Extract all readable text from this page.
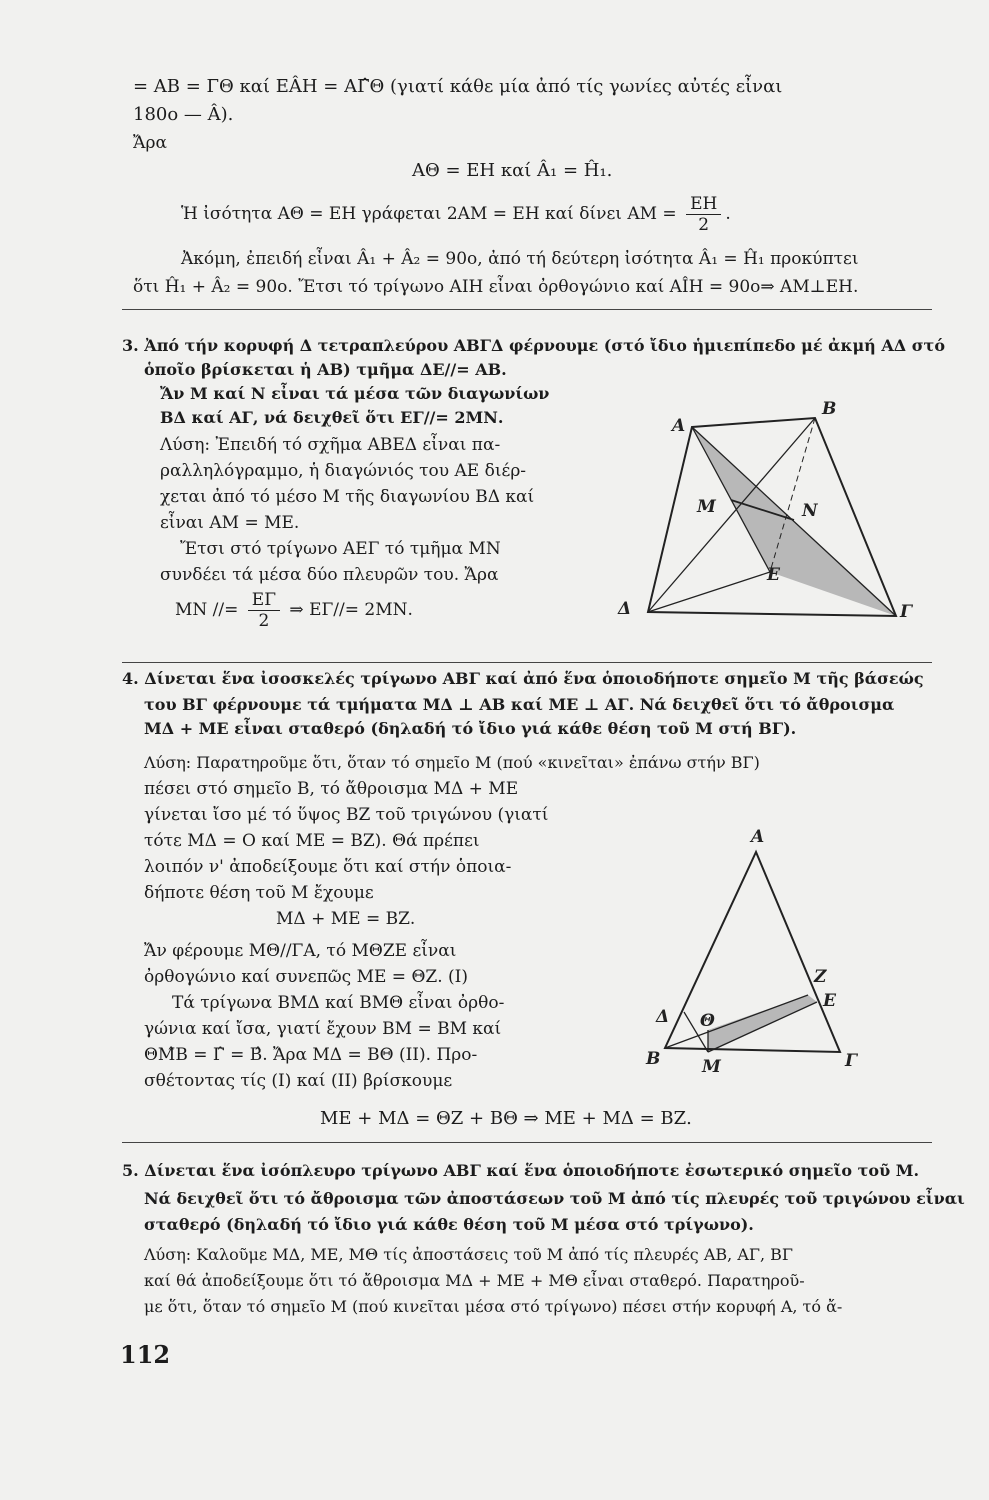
= ΑΒ = ΓΘ καί ΕÂΗ = ΑΓ̂Θ (γιατί κάθε μία ἀπό τίς γωνίες αὐτές εἶναι
180ο — Â).
Ἄρα
ΑΘ = ΕΗ καί Â₁ = Ĥ₁.
Ἡ ἰσότητα ΑΘ = ΕΗ γράφεται 2ΑΜ = ΕΗ καί δίνει $AM = \frac{EH}{2}$ .
Ἀκόμη, ἐπειδή εἶναι Â₁ + Â₂ = 90ο, ἀπό τή δεύτερη ἰσότητα Â₁ = Ĥ₁ προκύπτει
ὅτι Ĥ₁ + Â₂ = 90ο. Ἔτσι τό τρίγωνο ΑΙΗ εἶναι ὀρθογώνιο καί ΑÎΗ = 90ο⇒ ΑΜ⊥ΕΗ.
3. Ἀπό τήν κορυφή Δ τετραπλεύρου ΑΒΓΔ φέρνουμε (στό ἴδιο ἡμιεπίπεδο μέ ἀκμή ΑΔ στό
ὁποῖο βρίσκεται ἡ ΑΒ) τμῆμα ΔΕ//= ΑΒ.
Ἄν Μ καί Ν εἶναι τά μέσα τῶν διαγωνίων
ΒΔ καί ΑΓ, νά δειχθεῖ ὅτι ΕΓ//= 2ΜΝ.
Λύση: Ἐπειδή τό σχῆμα ΑΒΕΔ εἶναι πα-
ραλληλόγραμμο, ἡ διαγώνιός του ΑΕ διέρ-
χεται ἀπό τό μέσο Μ τῆς διαγωνίου ΒΔ καί
εἶναι ΑΜ = ΜΕ.
Ἔτσι στό τρίγωνο ΑΕΓ τό τμῆμα ΜΝ
συνδέει τά μέσα δύο πλευρῶν του. Ἄρα
ΜΝ //= $\frac{E\Gamma}{2}$ ⇒ ΕΓ//= 2ΜΝ.
A
B
M	N
E
Δ	Γ
4. Δίνεται ἕνα ἰσοσκελές τρίγωνο ΑΒΓ καί ἀπό ἕνα ὁποιοδήποτε σημεῖο Μ τῆς βάσεώς
του ΒΓ φέρνουμε τά τμήματα ΜΔ ⊥ ΑΒ καί ΜΕ ⊥ ΑΓ. Νά δειχθεῖ ὅτι τό ἄθροισμα
ΜΔ + ΜΕ εἶναι σταθερό (δηλαδή τό ἴδιο γιά κάθε θέση τοῦ Μ στή ΒΓ).
Λύση: Παρατηροῦμε ὅτι, ὅταν τό σημεῖο Μ (πού «κινεῖται» ἐπάνω στήν ΒΓ)
πέσει στό σημεῖο Β, τό ἄθροισμα ΜΔ + ΜΕ
γίνεται ἴσο μέ τό ὕψος ΒΖ τοῦ τριγώνου (γιατί
τότε ΜΔ = Ο καί ΜΕ = ΒΖ). Θά πρέπει
λοιπόν ν' ἀποδείξουμε ὅτι καί στήν ὁποια-
δήποτε θέση τοῦ Μ ἔχουμε
ΜΔ + ΜΕ = ΒΖ.
Ἄν φέρουμε ΜΘ//ΓΑ, τό ΜΘΖΕ εἶναι
ὀρθογώνιο καί συνεπῶς ΜΕ = ΘΖ. (Ι)
Τά τρίγωνα ΒΜΔ καί ΒΜΘ εἶναι ὀρθο-
γώνια καί ἴσα, γιατί ἔχουν ΒΜ = ΒΜ καί
ΘΜ̂Β = Γ̂ = Β̂. Ἄρα ΜΔ = ΒΘ (ΙΙ). Προ-
σθέτοντας τίς (Ι) καί (ΙΙ) βρίσκουμε
ΜΕ + ΜΔ = ΘΖ + ΒΘ ⇒ ΜΕ + ΜΔ = ΒΖ.
A
Z
E
Δ Θ
B M	Γ
5. Δίνεται ἕνα ἰσόπλευρο τρίγωνο ΑΒΓ καί ἕνα ὁποιοδήποτε ἐσωτερικό σημεῖο τοῦ Μ.
Νά δειχθεῖ ὅτι τό ἄθροισμα τῶν ἀποστάσεων τοῦ Μ ἀπό τίς πλευρές τοῦ τριγώνου εἶναι
σταθερό (δηλαδή τό ἴδιο γιά κάθε θέση τοῦ Μ μέσα στό τρίγωνο).
Λύση: Καλοῦμε ΜΔ, ΜΕ, ΜΘ τίς ἀποστάσεις τοῦ Μ ἀπό τίς πλευρές ΑΒ, ΑΓ, ΒΓ
καί θά ἀποδείξουμε ὅτι τό ἄθροισμα ΜΔ + ΜΕ + ΜΘ εἶναι σταθερό. Παρατηροῦ-
με ὅτι, ὅταν τό σημεῖο Μ (πού κινεῖται μέσα στό τρίγωνο) πέσει στήν κορυφή Α, τό ἄ-
112
